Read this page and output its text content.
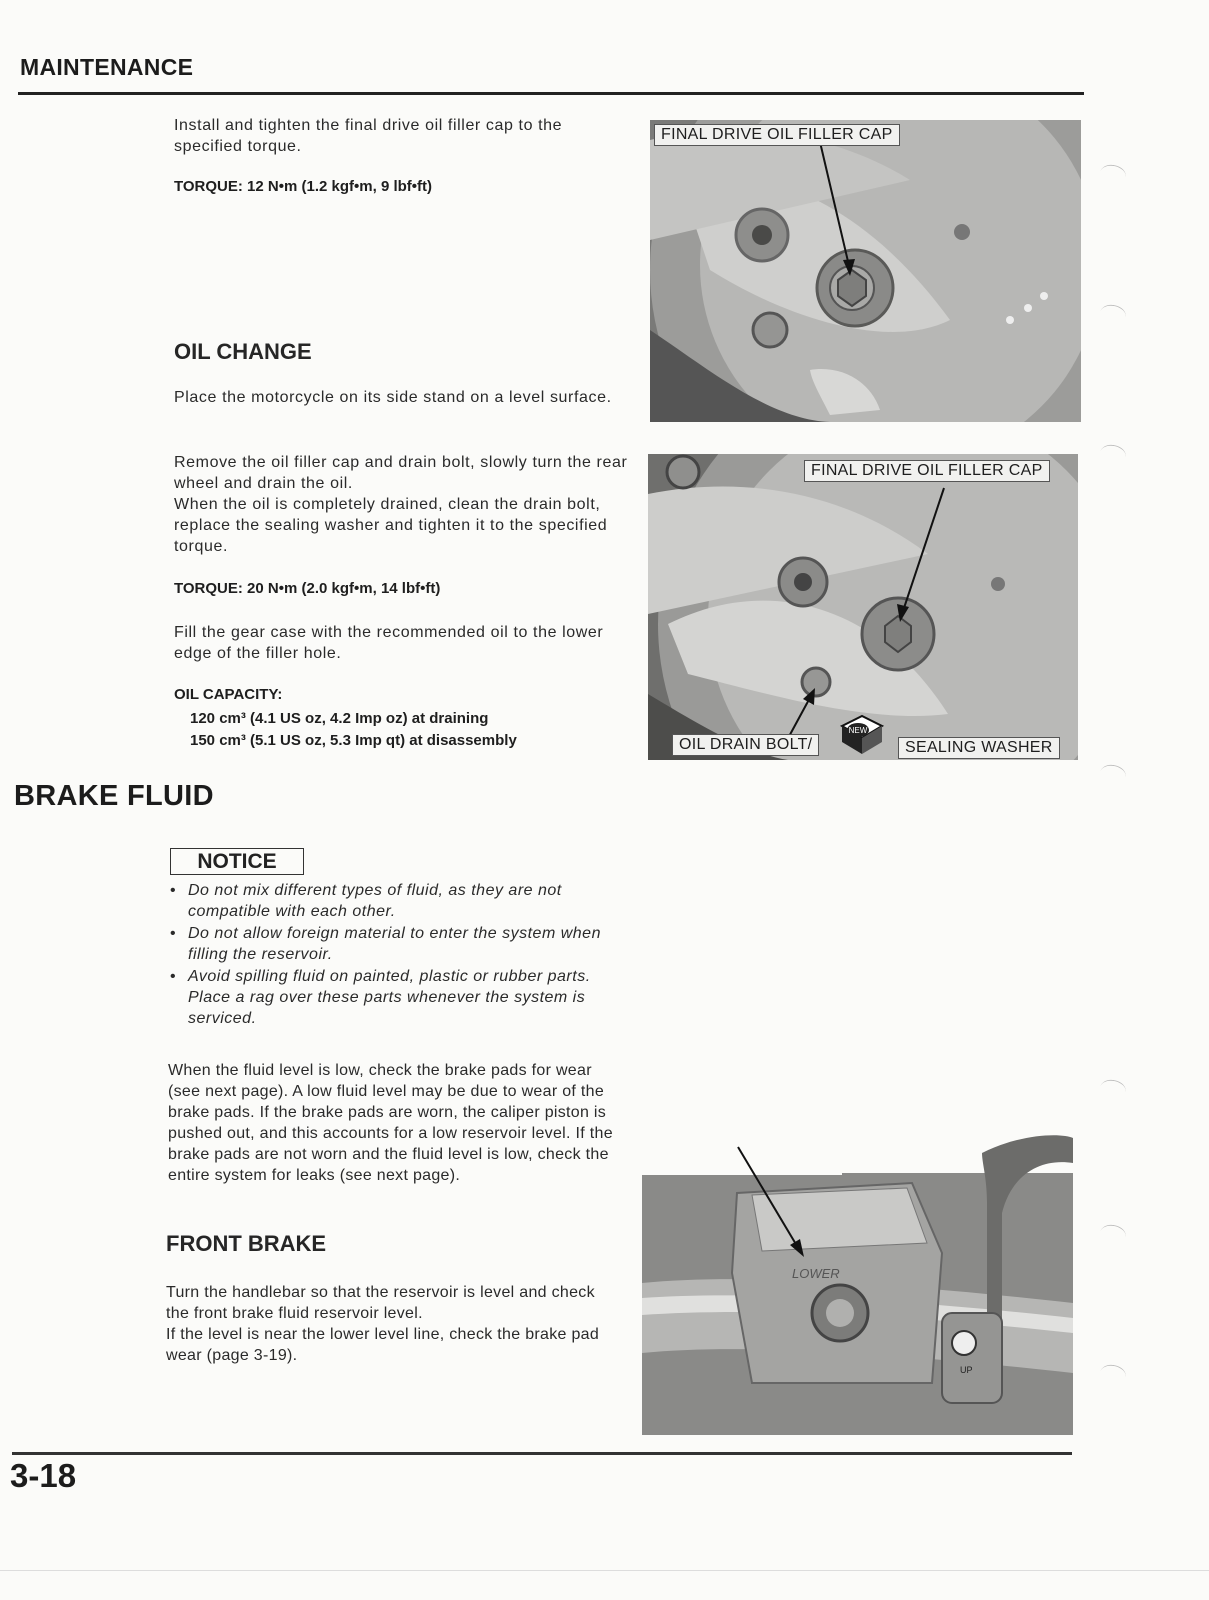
MAINTENANCE

Install and tighten the final drive oil filler cap to the specified torque.

TORQUE: 12 N•m (1.2 kgf•m, 9 lbf•ft)
OIL CHANGE

Place the motorcycle on its side stand on a level surface.

Remove the oil filler cap and drain bolt, slowly turn the rear wheel and drain the oil.

When the oil is completely drained, clean the drain bolt, replace the sealing washer and tighten it to the specified torque.

TORQUE: 20 N•m (2.0 kgf•m, 14 lbf•ft)

Fill the gear case with the recommended oil to the lower edge of the filler hole.

OIL CAPACITY:
120 cm³ (4.1 US oz, 4.2 Imp oz) at draining
150 cm³ (5.1 US oz, 5.3 Imp qt) at disassembly
BRAKE FLUID
NOTICE
• Do not mix different types of fluid, as they are not compatible with each other.
• Do not allow foreign material to enter the system when filling the reservoir.
• Avoid spilling fluid on painted, plastic or rubber parts. Place a rag over these parts whenever the system is serviced.

When the fluid level is low, check the brake pads for wear (see next page). A low fluid level may be due to wear of the brake pads. If the brake pads are worn, the caliper piston is pushed out, and this accounts for a low reservoir level. If the brake pads are not worn and the fluid level is low, check the entire system for leaks (see next page).

FRONT BRAKE

Turn the handlebar so that the reservoir is level and check the front brake fluid reservoir level.

If the level is near the lower level line, check the brake pad wear (page 3-19).

FINAL DRIVE OIL FILLER CAP
NEW
FINAL DRIVE OIL FILLER CAP
OIL DRAIN BOLT/	SEALING WASHER
LOWER
UP
3-18
